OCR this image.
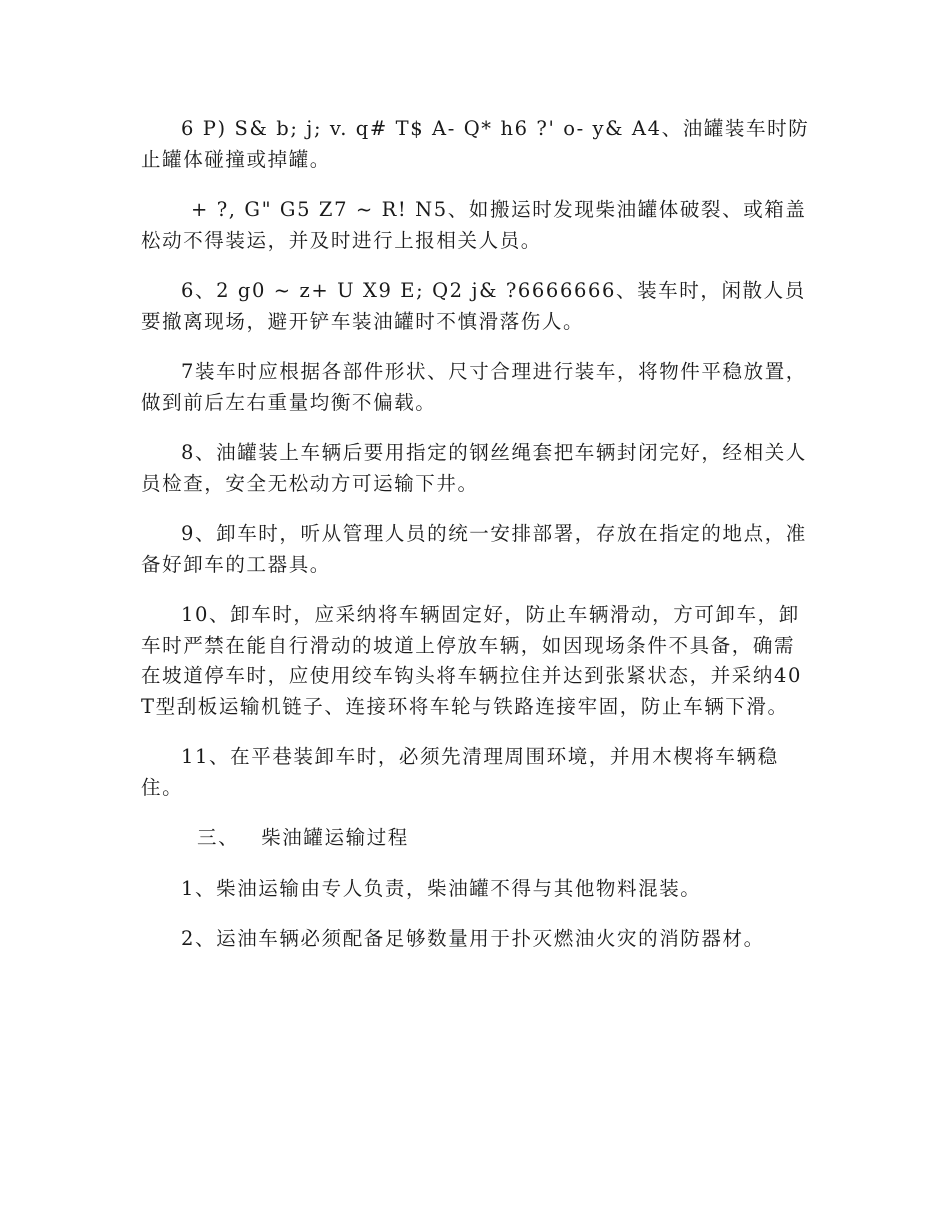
6 P) S& b; j; v. q# T$ A- Q* h6 ?' o- y& A4、油罐装车时防止罐体碰撞或掉罐。

+ ?, G" G5 Z7 ~ R! N5、如搬运时发现柴油罐体破裂、或箱盖松动不得装运，并及时进行上报相关人员。

6、2 g0 ~ z+ U X9 E; Q2 j& ?6666666、装车时，闲散人员要撤离现场，避开铲车装油罐时不慎滑落伤人。

7装车时应根据各部件形状、尺寸合理进行装车，将物件平稳放置，做到前后左右重量均衡不偏载。

8、油罐装上车辆后要用指定的钢丝绳套把车辆封闭完好，经相关人员检查，安全无松动方可运输下井。

9、卸车时，听从管理人员的统一安排部署，存放在指定的地点，准备好卸车的工器具。

10、卸车时，应采纳将车辆固定好，防止车辆滑动，方可卸车，卸车时严禁在能自行滑动的坡道上停放车辆，如因现场条件不具备，确需在坡道停车时，应使用绞车钩头将车辆拉住并达到张紧状态，并采纳40T型刮板运输机链子、连接环将车轮与铁路连接牢固，防止车辆下滑。

11、在平巷装卸车时，必须先清理周围环境，并用木楔将车辆稳住。

三、 柴油罐运输过程

1、柴油运输由专人负责，柴油罐不得与其他物料混装。

2、运油车辆必须配备足够数量用于扑灭燃油火灾的消防器材。
